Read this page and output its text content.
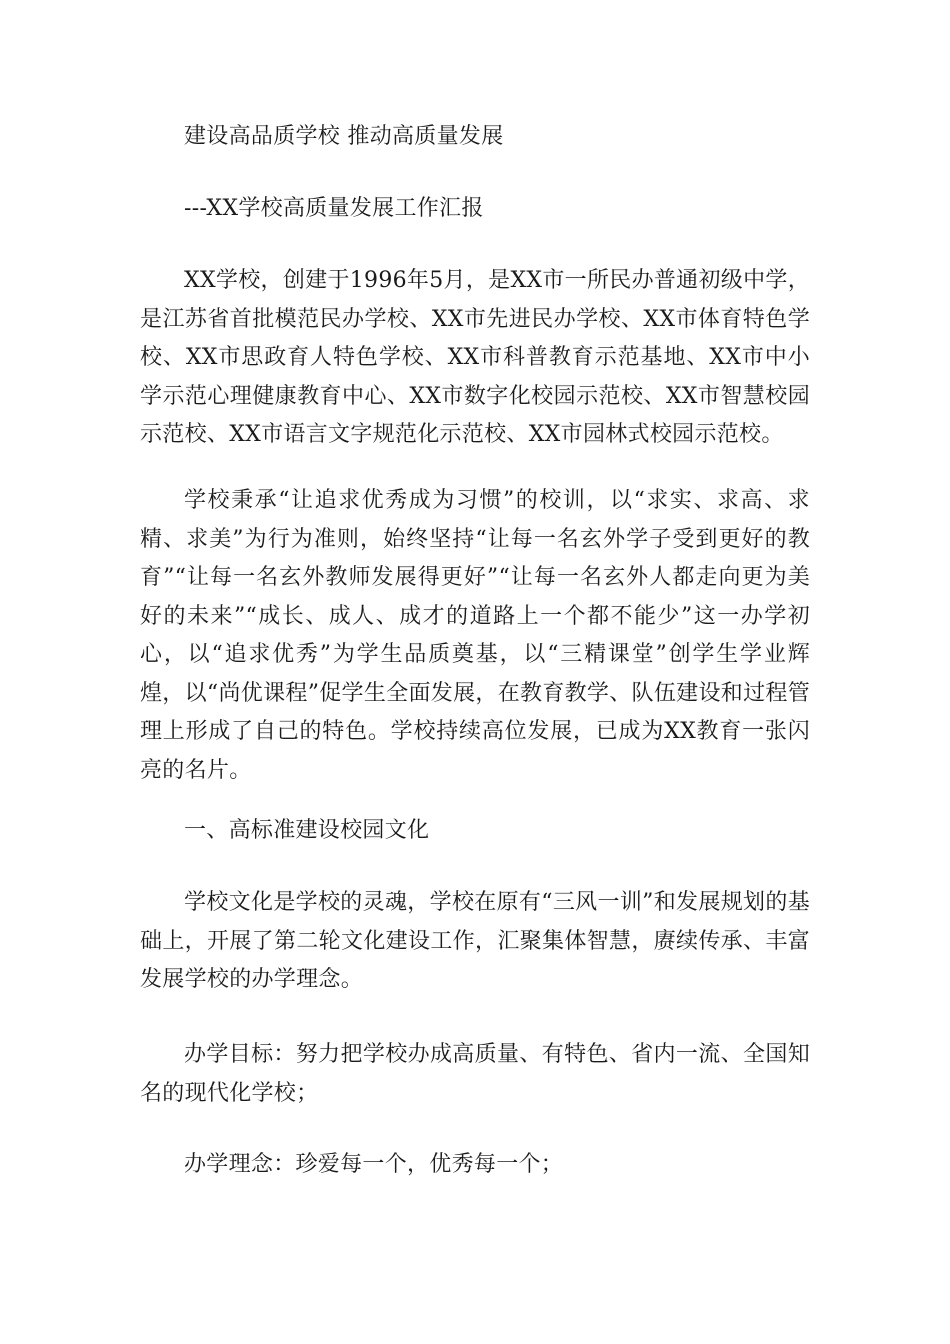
建设高品质学校 推动高质量发展

---XX学校高质量发展工作汇报

XX学校，创建于1996年5月，是XX市一所民办普通初级中学，是江苏省首批模范民办学校、XX市先进民办学校、XX市体育特色学校、XX市思政育人特色学校、XX市科普教育示范基地、XX市中小学示范心理健康教育中心、XX市数字化校园示范校、XX市智慧校园示范校、XX市语言文字规范化示范校、XX市园林式校园示范校。

学校秉承“让追求优秀成为习惯”的校训，以“求实、求高、求精、求美”为行为准则，始终坚持“让每一名玄外学子受到更好的教育”“让每一名玄外教师发展得更好”“让每一名玄外人都走向更为美好的未来”“成长、成人、成才的道路上一个都不能少”这一办学初心，以“追求优秀”为学生品质奠基，以“三精课堂”创学生学业辉煌，以“尚优课程”促学生全面发展，在教育教学、队伍建设和过程管理上形成了自己的特色。学校持续高位发展，已成为XX教育一张闪亮的名片。

一、高标准建设校园文化

学校文化是学校的灵魂，学校在原有“三风一训”和发展规划的基础上，开展了第二轮文化建设工作，汇聚集体智慧，赓续传承、丰富发展学校的办学理念。

办学目标：努力把学校办成高质量、有特色、省内一流、全国知名的现代化学校；

办学理念：珍爱每一个，优秀每一个；
